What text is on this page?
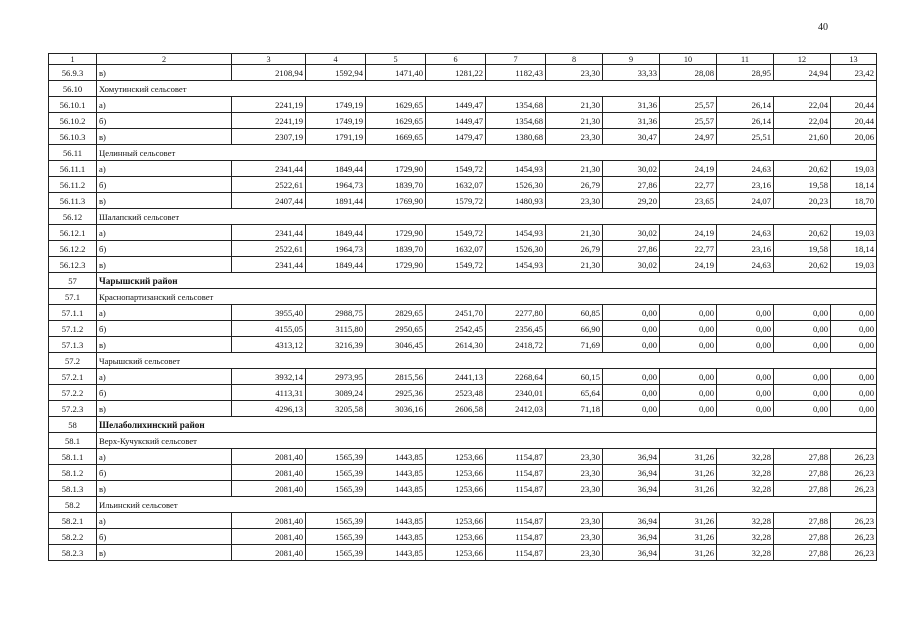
40
1	2	3	4	5	6	7	8	9	10	11	12	13
56.9.3	в)	2108,94	1592,94	1471,40	1281,22	1182,43	23,30	33,33	28,08	28,95	24,94	23,42
56.10	Хомутинский сельсовет											
56.10.1	а)	2241,19	1749,19	1629,65	1449,47	1354,68	21,30	31,36	25,57	26,14	22,04	20,44
56.10.2	б)	2241,19	1749,19	1629,65	1449,47	1354,68	21,30	31,36	25,57	26,14	22,04	20,44
56.10.3	в)	2307,19	1791,19	1669,65	1479,47	1380,68	23,30	30,47	24,97	25,51	21,60	20,06
56.11	Целинный сельсовет											
56.11.1	а)	2341,44	1849,44	1729,90	1549,72	1454,93	21,30	30,02	24,19	24,63	20,62	19,03
56.11.2	б)	2522,61	1964,73	1839,70	1632,07	1526,30	26,79	27,86	22,77	23,16	19,58	18,14
56.11.3	в)	2407,44	1891,44	1769,90	1579,72	1480,93	23,30	29,20	23,65	24,07	20,23	18,70
56.12	Шалапский сельсовет											
56.12.1	а)	2341,44	1849,44	1729,90	1549,72	1454,93	21,30	30,02	24,19	24,63	20,62	19,03
56.12.2	б)	2522,61	1964,73	1839,70	1632,07	1526,30	26,79	27,86	22,77	23,16	19,58	18,14
56.12.3	в)	2341,44	1849,44	1729,90	1549,72	1454,93	21,30	30,02	24,19	24,63	20,62	19,03
57	Чарышский район											
57.1	Краснопартизанский сельсовет											
57.1.1	а)	3955,40	2988,75	2829,65	2451,70	2277,80	60,85	0,00	0,00	0,00	0,00	0,00
57.1.2	б)	4155,05	3115,80	2950,65	2542,45	2356,45	66,90	0,00	0,00	0,00	0,00	0,00
57.1.3	в)	4313,12	3216,39	3046,45	2614,30	2418,72	71,69	0,00	0,00	0,00	0,00	0,00
57.2	Чарышский сельсовет											
57.2.1	а)	3932,14	2973,95	2815,56	2441,13	2268,64	60,15	0,00	0,00	0,00	0,00	0,00
57.2.2	б)	4113,31	3089,24	2925,36	2523,48	2340,01	65,64	0,00	0,00	0,00	0,00	0,00
57.2.3	в)	4296,13	3205,58	3036,16	2606,58	2412,03	71,18	0,00	0,00	0,00	0,00	0,00
58	Шелаболихинский район											
58.1	Верх-Кучукский сельсовет											
58.1.1	а)	2081,40	1565,39	1443,85	1253,66	1154,87	23,30	36,94	31,26	32,28	27,88	26,23
58.1.2	б)	2081,40	1565,39	1443,85	1253,66	1154,87	23,30	36,94	31,26	32,28	27,88	26,23
58.1.3	в)	2081,40	1565,39	1443,85	1253,66	1154,87	23,30	36,94	31,26	32,28	27,88	26,23
58.2	Ильинский сельсовет											
58.2.1	а)	2081,40	1565,39	1443,85	1253,66	1154,87	23,30	36,94	31,26	32,28	27,88	26,23
58.2.2	б)	2081,40	1565,39	1443,85	1253,66	1154,87	23,30	36,94	31,26	32,28	27,88	26,23
58.2.3	в)	2081,40	1565,39	1443,85	1253,66	1154,87	23,30	36,94	31,26	32,28	27,88	26,23
